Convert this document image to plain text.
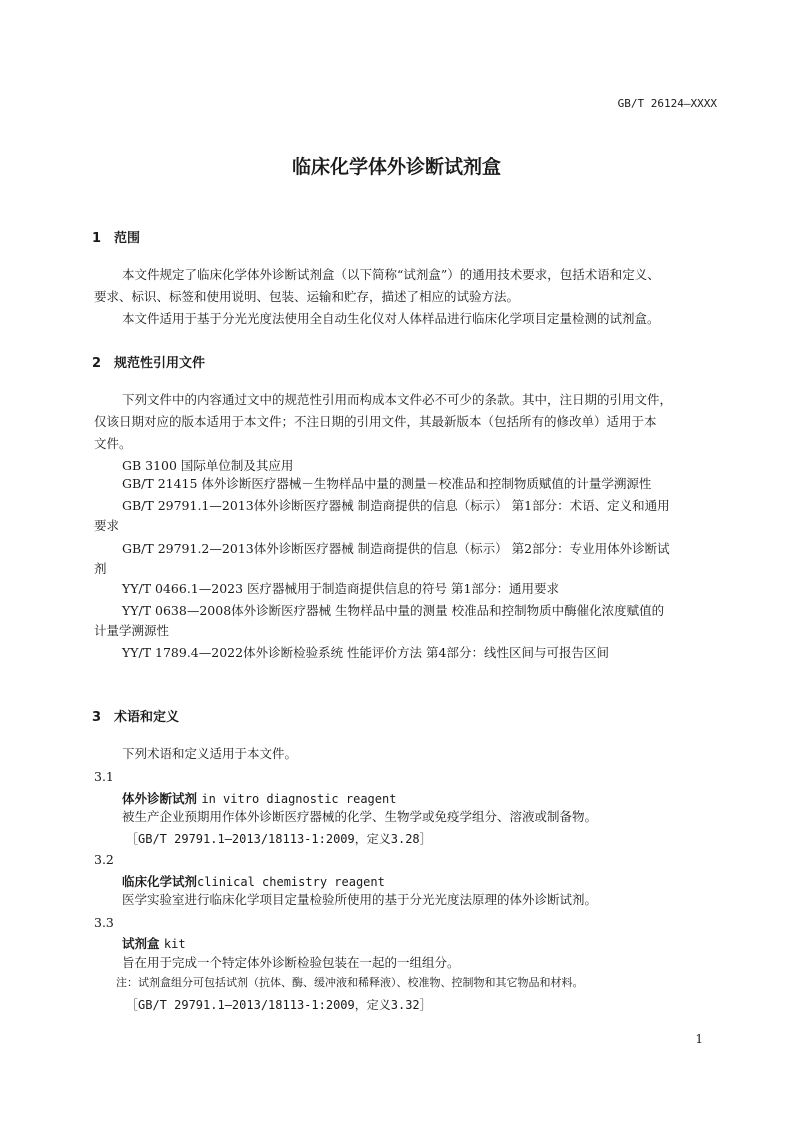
GB/T 26124—XXXX
临床化学体外诊断试剂盒
1 范围
本文件规定了临床化学体外诊断试剂盒（以下简称“试剂盒”）的通用技术要求，包括术语和定义、
要求、标识、标签和使用说明、包装、运输和贮存，描述了相应的试验方法。
本文件适用于基于分光光度法使用全自动生化仪对人体样品进行临床化学项目定量检测的试剂盒。
2 规范性引用文件
下列文件中的内容通过文中的规范性引用而构成本文件必不可少的条款。其中，注日期的引用文件，
仅该日期对应的版本适用于本文件；不注日期的引用文件，其最新版本（包括所有的修改单）适用于本
文件。
GB 3100 国际单位制及其应用
GB/T 21415 体外诊断医疗器械－生物样品中量的测量－校准品和控制物质赋值的计量学溯源性
GB/T 29791.1—2013体外诊断医疗器械 制造商提供的信息（标示） 第1部分：术语、定义和通用
要求
GB/T 29791.2—2013体外诊断医疗器械 制造商提供的信息（标示） 第2部分：专业用体外诊断试
剂
YY/T 0466.1—2023 医疗器械用于制造商提供信息的符号 第1部分：通用要求
YY/T 0638—2008体外诊断医疗器械 生物样品中量的测量 校准品和控制物质中酶催化浓度赋值的
计量学溯源性
YY/T 1789.4—2022体外诊断检验系统 性能评价方法 第4部分：线性区间与可报告区间
3 术语和定义
下列术语和定义适用于本文件。
3.1
体外诊断试剂 in vitro diagnostic reagent
被生产企业预期用作体外诊断医疗器械的化学、生物学或免疫学组分、溶液或制备物。
［GB/T 29791.1—2013/18113-1:2009，定义3.28］
3.2
临床化学试剂clinical chemistry reagent
医学实验室进行临床化学项目定量检验所使用的基于分光光度法原理的体外诊断试剂。
3.3
试剂盒 kit
旨在用于完成一个特定体外诊断检验包装在一起的一组组分。
注：试剂盒组分可包括试剂（抗体、酶、缓冲液和稀释液）、校准物、控制物和其它物品和材料。
［GB/T 29791.1—2013/18113-1:2009，定义3.32］
1
